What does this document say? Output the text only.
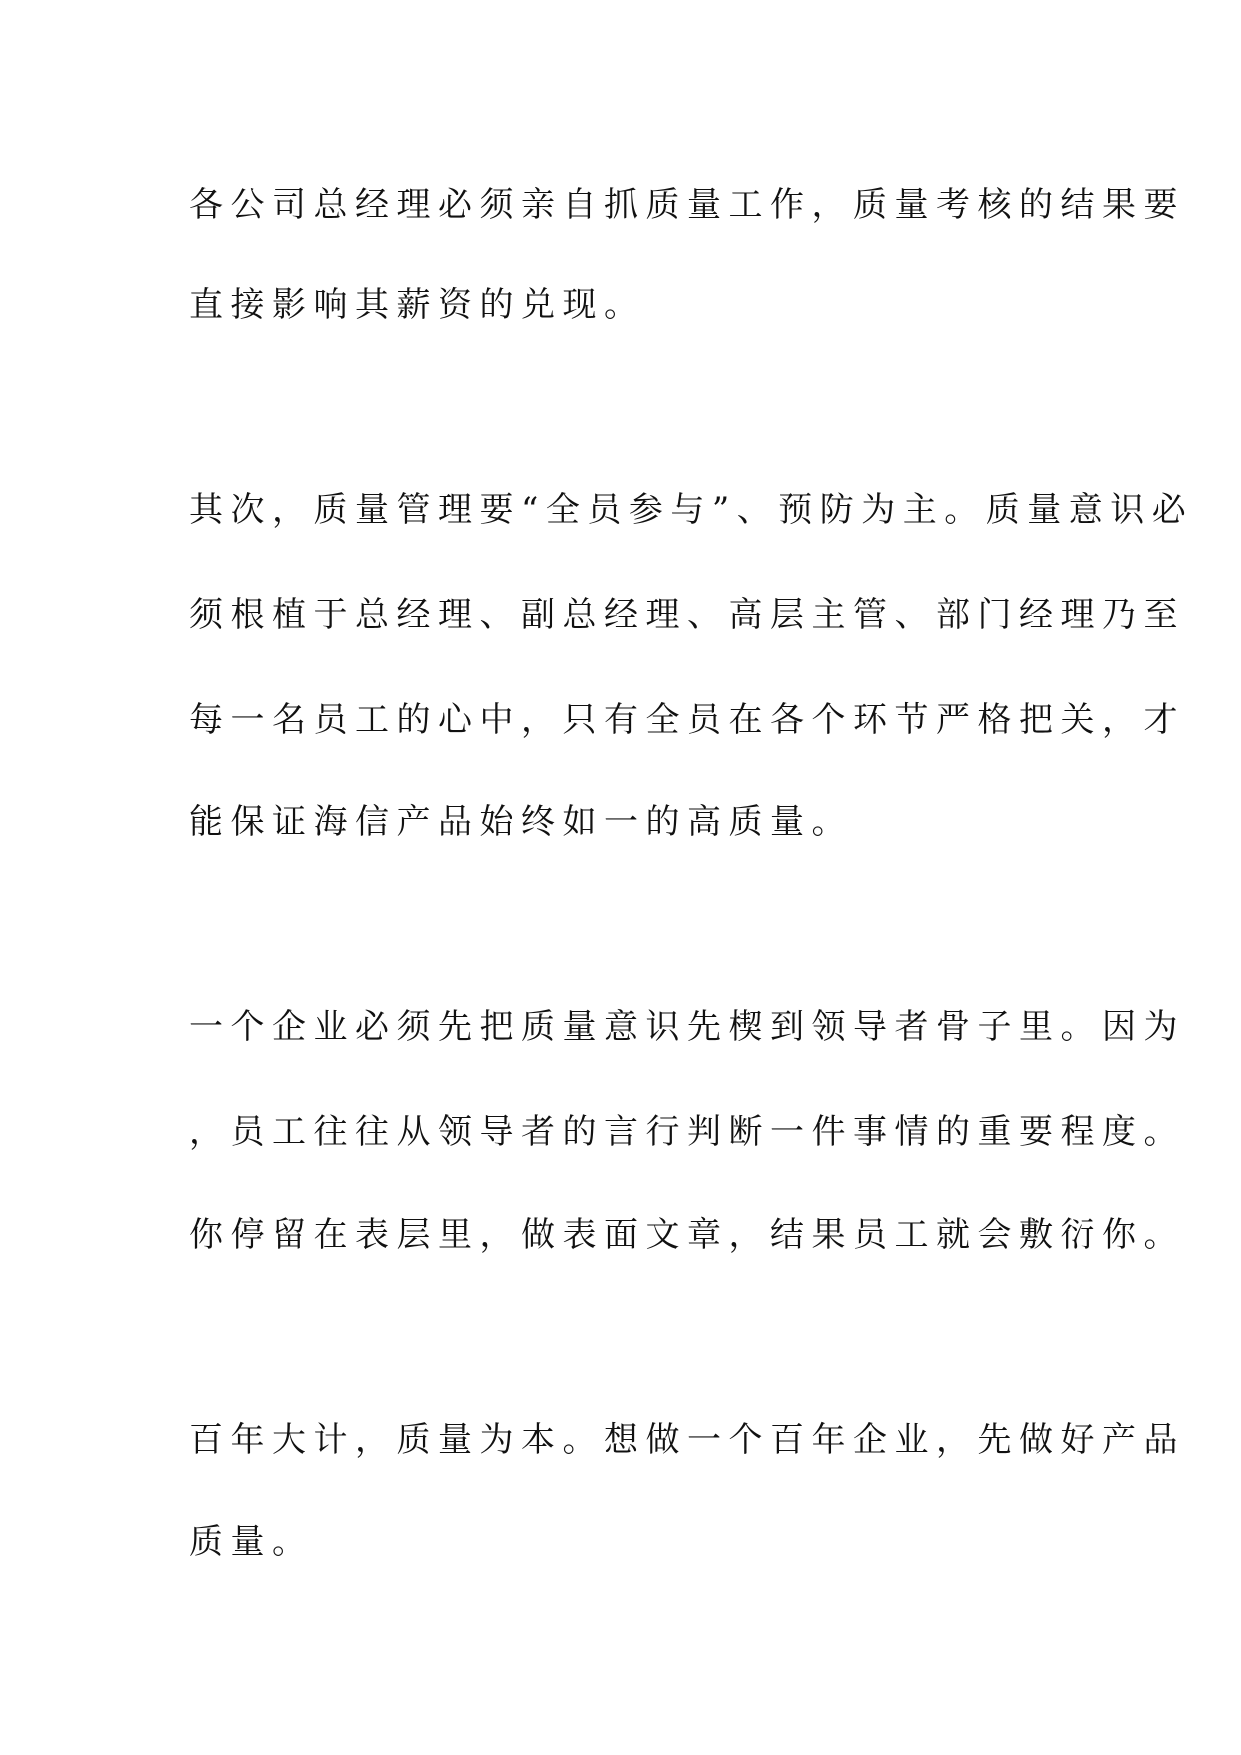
各公司总经理必须亲自抓质量工作，质量考核的结果要
直接影响其薪资的兑现。
其次，质量管理要“全员参与”、预防为主。质量意识必
须根植于总经理、副总经理、高层主管、部门经理乃至
每一名员工的心中，只有全员在各个环节严格把关，才
能保证海信产品始终如一的高质量。
一个企业必须先把质量意识先楔到领导者骨子里。因为
，员工往往从领导者的言行判断一件事情的重要程度。
你停留在表层里，做表面文章，结果员工就会敷衍你。
百年大计，质量为本。想做一个百年企业，先做好产品
质量。
